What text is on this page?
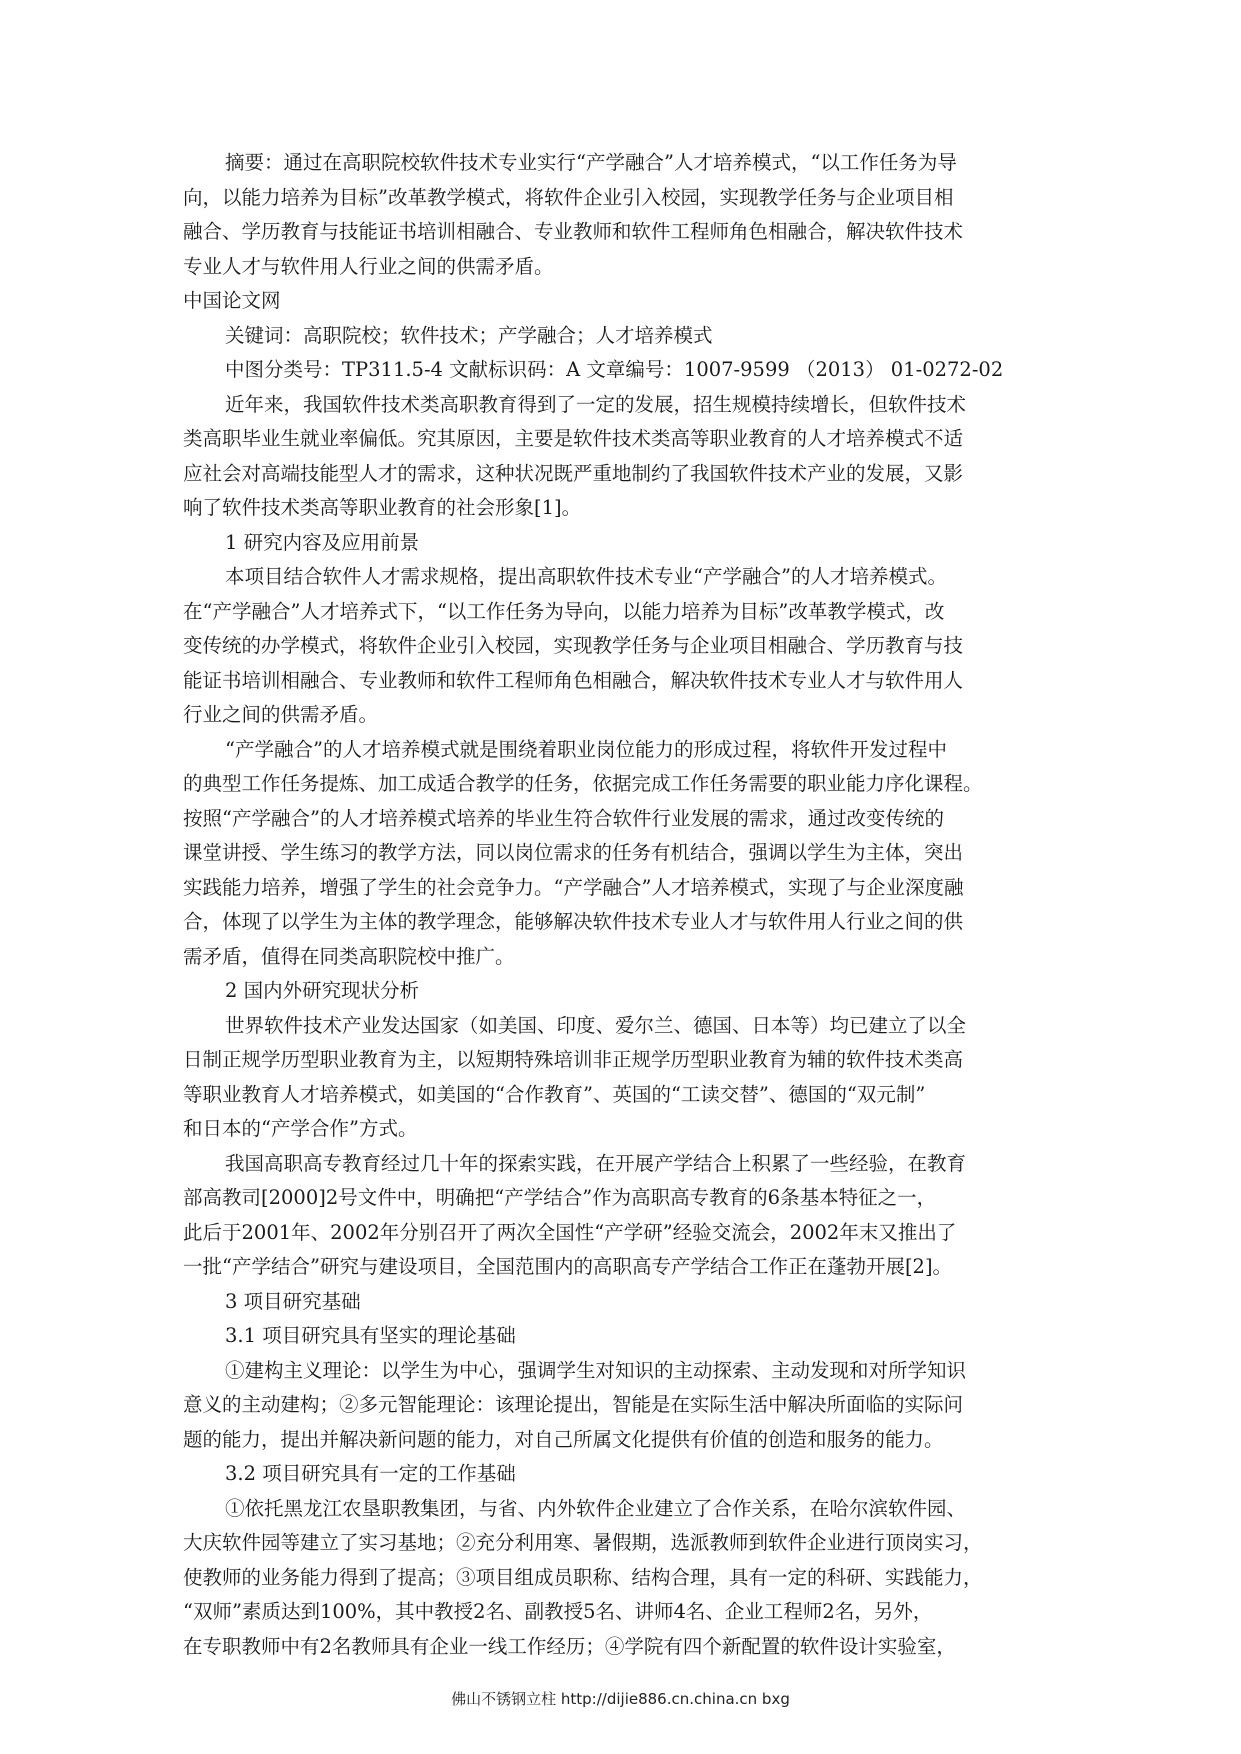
摘要：通过在高职院校软件技术专业实行“产学融合”人才培养模式，“以工作任务为导
向，以能力培养为目标”改革教学模式，将软件企业引入校园，实现教学任务与企业项目相
融合、学历教育与技能证书培训相融合、专业教师和软件工程师角色相融合，解决软件技术
专业人才与软件用人行业之间的供需矛盾。
中国论文网
关键词：高职院校；软件技术；产学融合；人才培养模式
中图分类号：TP311.5-4 文献标识码：A 文章编号：1007-9599 （2013） 01-0272-02
近年来，我国软件技术类高职教育得到了一定的发展，招生规模持续增长，但软件技术
类高职毕业生就业率偏低。究其原因，主要是软件技术类高等职业教育的人才培养模式不适
应社会对高端技能型人才的需求，这种状况既严重地制约了我国软件技术产业的发展，又影
响了软件技术类高等职业教育的社会形象[1]。
1 研究内容及应用前景
本项目结合软件人才需求规格，提出高职软件技术专业“产学融合”的人才培养模式。
在“产学融合”人才培养式下，“以工作任务为导向，以能力培养为目标”改革教学模式，改
变传统的办学模式，将软件企业引入校园，实现教学任务与企业项目相融合、学历教育与技
能证书培训相融合、专业教师和软件工程师角色相融合，解决软件技术专业人才与软件用人
行业之间的供需矛盾。
“产学融合”的人才培养模式就是围绕着职业岗位能力的形成过程，将软件开发过程中
的典型工作任务提炼、加工成适合教学的任务，依据完成工作任务需要的职业能力序化课程。
按照“产学融合”的人才培养模式培养的毕业生符合软件行业发展的需求，通过改变传统的
课堂讲授、学生练习的教学方法，同以岗位需求的任务有机结合，强调以学生为主体，突出
实践能力培养，增强了学生的社会竞争力。“产学融合”人才培养模式，实现了与企业深度融
合，体现了以学生为主体的教学理念，能够解决软件技术专业人才与软件用人行业之间的供
需矛盾，值得在同类高职院校中推广。
2 国内外研究现状分析
世界软件技术产业发达国家（如美国、印度、爱尔兰、德国、日本等）均已建立了以全
日制正规学历型职业教育为主，以短期特殊培训非正规学历型职业教育为辅的软件技术类高
等职业教育人才培养模式，如美国的“合作教育”、英国的“工读交替”、德国的“双元制”
和日本的“产学合作”方式。
我国高职高专教育经过几十年的探索实践，在开展产学结合上积累了一些经验，在教育
部高教司[2000]2号文件中，明确把“产学结合”作为高职高专教育的6条基本特征之一，
此后于2001年、2002年分别召开了两次全国性“产学研”经验交流会，2002年末又推出了
一批“产学结合”研究与建设项目，全国范围内的高职高专产学结合工作正在蓬勃开展[2]。
3 项目研究基础
3.1 项目研究具有坚实的理论基础
①建构主义理论：以学生为中心，强调学生对知识的主动探索、主动发现和对所学知识
意义的主动建构；②多元智能理论：该理论提出，智能是在实际生活中解决所面临的实际问
题的能力，提出并解决新问题的能力，对自己所属文化提供有价值的创造和服务的能力。
3.2 项目研究具有一定的工作基础
①依托黑龙江农垦职教集团，与省、内外软件企业建立了合作关系，在哈尔滨软件园、
大庆软件园等建立了实习基地；②充分利用寒、暑假期，选派教师到软件企业进行顶岗实习，
使教师的业务能力得到了提高；③项目组成员职称、结构合理，具有一定的科研、实践能力，
“双师”素质达到100%，其中教授2名、副教授5名、讲师4名、企业工程师2名，另外，
在专职教师中有2名教师具有企业一线工作经历；④学院有四个新配置的软件设计实验室，
佛山不锈钢立柱 http://dijie886.cn.china.cn bxg
